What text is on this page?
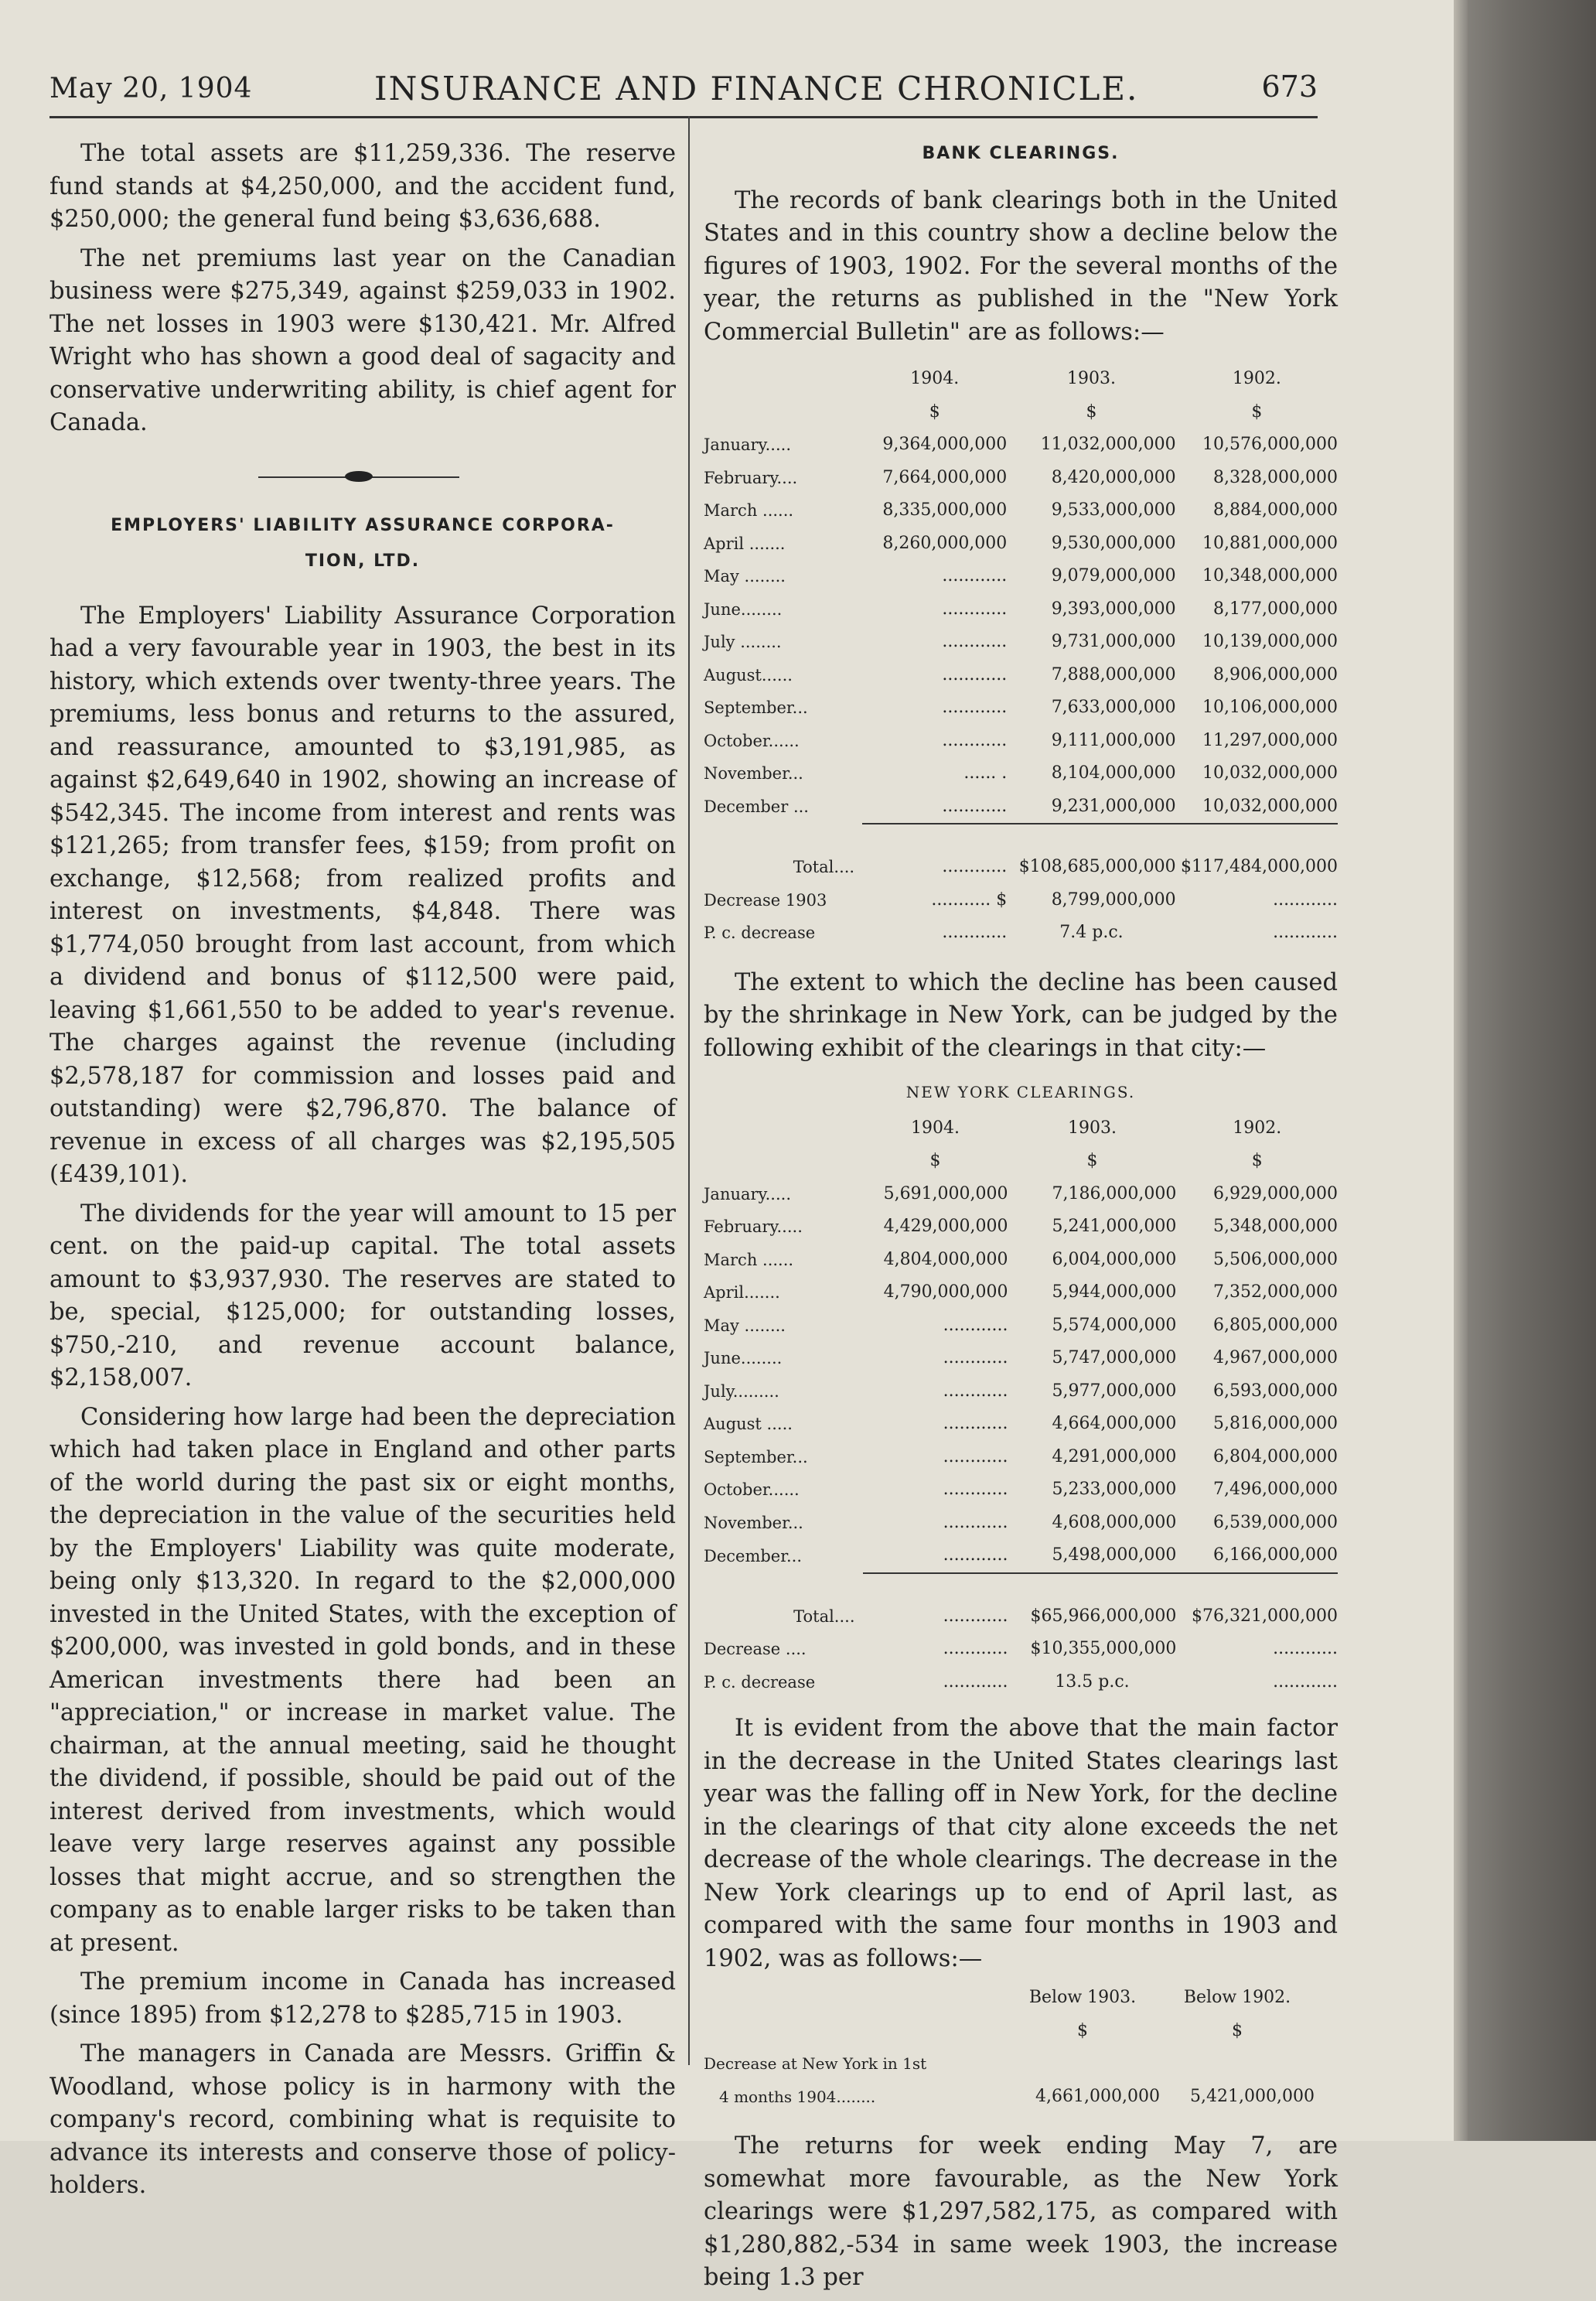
May 20, 1904	INSURANCE AND FINANCE CHRONICLE.	673

The total assets are $11,259,336. The reserve fund stands at $4,250,000, and the accident fund, $250,000; the general fund being $3,636,688.

The net premiums last year on the Canadian business were $275,349, against $259,033 in 1902. The net losses in 1903 were $130,421. Mr. Alfred Wright who has shown a good deal of sagacity and conservative underwriting ability, is chief agent for Canada.

EMPLOYERS' LIABILITY ASSURANCE CORPORA-
TION, LTD.

The Employers' Liability Assurance Corporation had a very favourable year in 1903, the best in its history, which extends over twenty-three years. The premiums, less bonus and returns to the assured, and reassurance, amounted to $3,191,985, as against $2,649,640 in 1902, showing an increase of $542,345. The income from interest and rents was $121,265; from transfer fees, $159; from profit on exchange, $12,568; from realized profits and interest on investments, $4,848. There was $1,774,050 brought from last account, from which a dividend and bonus of $112,500 were paid, leaving $1,661,550 to be added to year's revenue. The charges against the revenue (including $2,578,187 for commission and losses paid and outstanding) were $2,796,870. The balance of revenue in excess of all charges was $2,195,505 (£439,101).

The dividends for the year will amount to 15 per cent. on the paid-up capital. The total assets amount to $3,937,930. The reserves are stated to be, special, $125,000; for outstanding losses, $750,-210, and revenue account balance, $2,158,007.

Considering how large had been the depreciation which had taken place in England and other parts of the world during the past six or eight months, the depreciation in the value of the securities held by the Employers' Liability was quite moderate, being only $13,320. In regard to the $2,000,000 invested in the United States, with the exception of $200,000, was invested in gold bonds, and in these American investments there had been an "appreciation," or increase in market value. The chairman, at the annual meeting, said he thought the dividend, if possible, should be paid out of the interest derived from investments, which would leave very large reserves against any possible losses that might accrue, and so strengthen the company as to enable larger risks to be taken than at present.

The premium income in Canada has increased (since 1895) from $12,278 to $285,715 in 1903.

The managers in Canada are Messrs. Griffin & Woodland, whose policy is in harmony with the company's record, combining what is requisite to advance its interests and conserve those of policy-holders.

BANK CLEARINGS.

The records of bank clearings both in the United States and in this country show a decline below the figures of 1903, 1902. For the several months of the year, the returns as published in the "New York Commercial Bulletin" are as follows:—

	1904.	1903.	1902.
	$	$	$
January.....	9,364,000,000	11,032,000,000	10,576,000,000
February....	7,664,000,000	8,420,000,000	8,328,000,000
March ......	8,335,000,000	9,533,000,000	8,884,000,000
April .......	8,260,000,000	9,530,000,000	10,881,000,000
May ........	............	9,079,000,000	10,348,000,000
June........	............	9,393,000,000	8,177,000,000
July ........	............	9,731,000,000	10,139,000,000
August......	............	7,888,000,000	8,906,000,000
September...	............	7,633,000,000	10,106,000,000
October......	............	9,111,000,000	11,297,000,000
November...	...... .	8,104,000,000	10,032,000,000
December ...	............	9,231,000,000	10,032,000,000

Total....	............	$108,685,000,000	$117,484,000,000
Decrease 1903	........... $	8,799,000,000	............
P. c. decrease	............	7.4 p.c.	............

The extent to which the decline has been caused by the shrinkage in New York, can be judged by the following exhibit of the clearings in that city:—

NEW YORK CLEARINGS.
	1904.	1903.	1902.
	$	$	$
January.....	5,691,000,000	7,186,000,000	6,929,000,000
February.....	4,429,000,000	5,241,000,000	5,348,000,000
March ......	4,804,000,000	6,004,000,000	5,506,000,000
April.......	4,790,000,000	5,944,000,000	7,352,000,000
May ........	............	5,574,000,000	6,805,000,000
June........	............	5,747,000,000	4,967,000,000
July.........	............	5,977,000,000	6,593,000,000
August .....	............	4,664,000,000	5,816,000,000
September...	............	4,291,000,000	6,804,000,000
October......	............	5,233,000,000	7,496,000,000
November...	............	4,608,000,000	6,539,000,000
December...	............	5,498,000,000	6,166,000,000

Total....	............	$65,966,000,000	$76,321,000,000
Decrease ....	............	$10,355,000,000	............
P. c. decrease	............	13.5 p.c.	............

It is evident from the above that the main factor in the decrease in the United States clearings last year was the falling off in New York, for the decline in the clearings of that city alone exceeds the net decrease of the whole clearings. The decrease in the New York clearings up to end of April last, as compared with the same four months in 1903 and 1902, was as follows:—

	Below 1903.	Below 1902.
	$	$
Decrease at New York in 1st		
4 months 1904........	4,661,000,000	5,421,000,000

The returns for week ending May 7, are somewhat more favourable, as the New York clearings were $1,297,582,175, as compared with $1,280,882,-534 in same week 1903, the increase being 1.3 per
